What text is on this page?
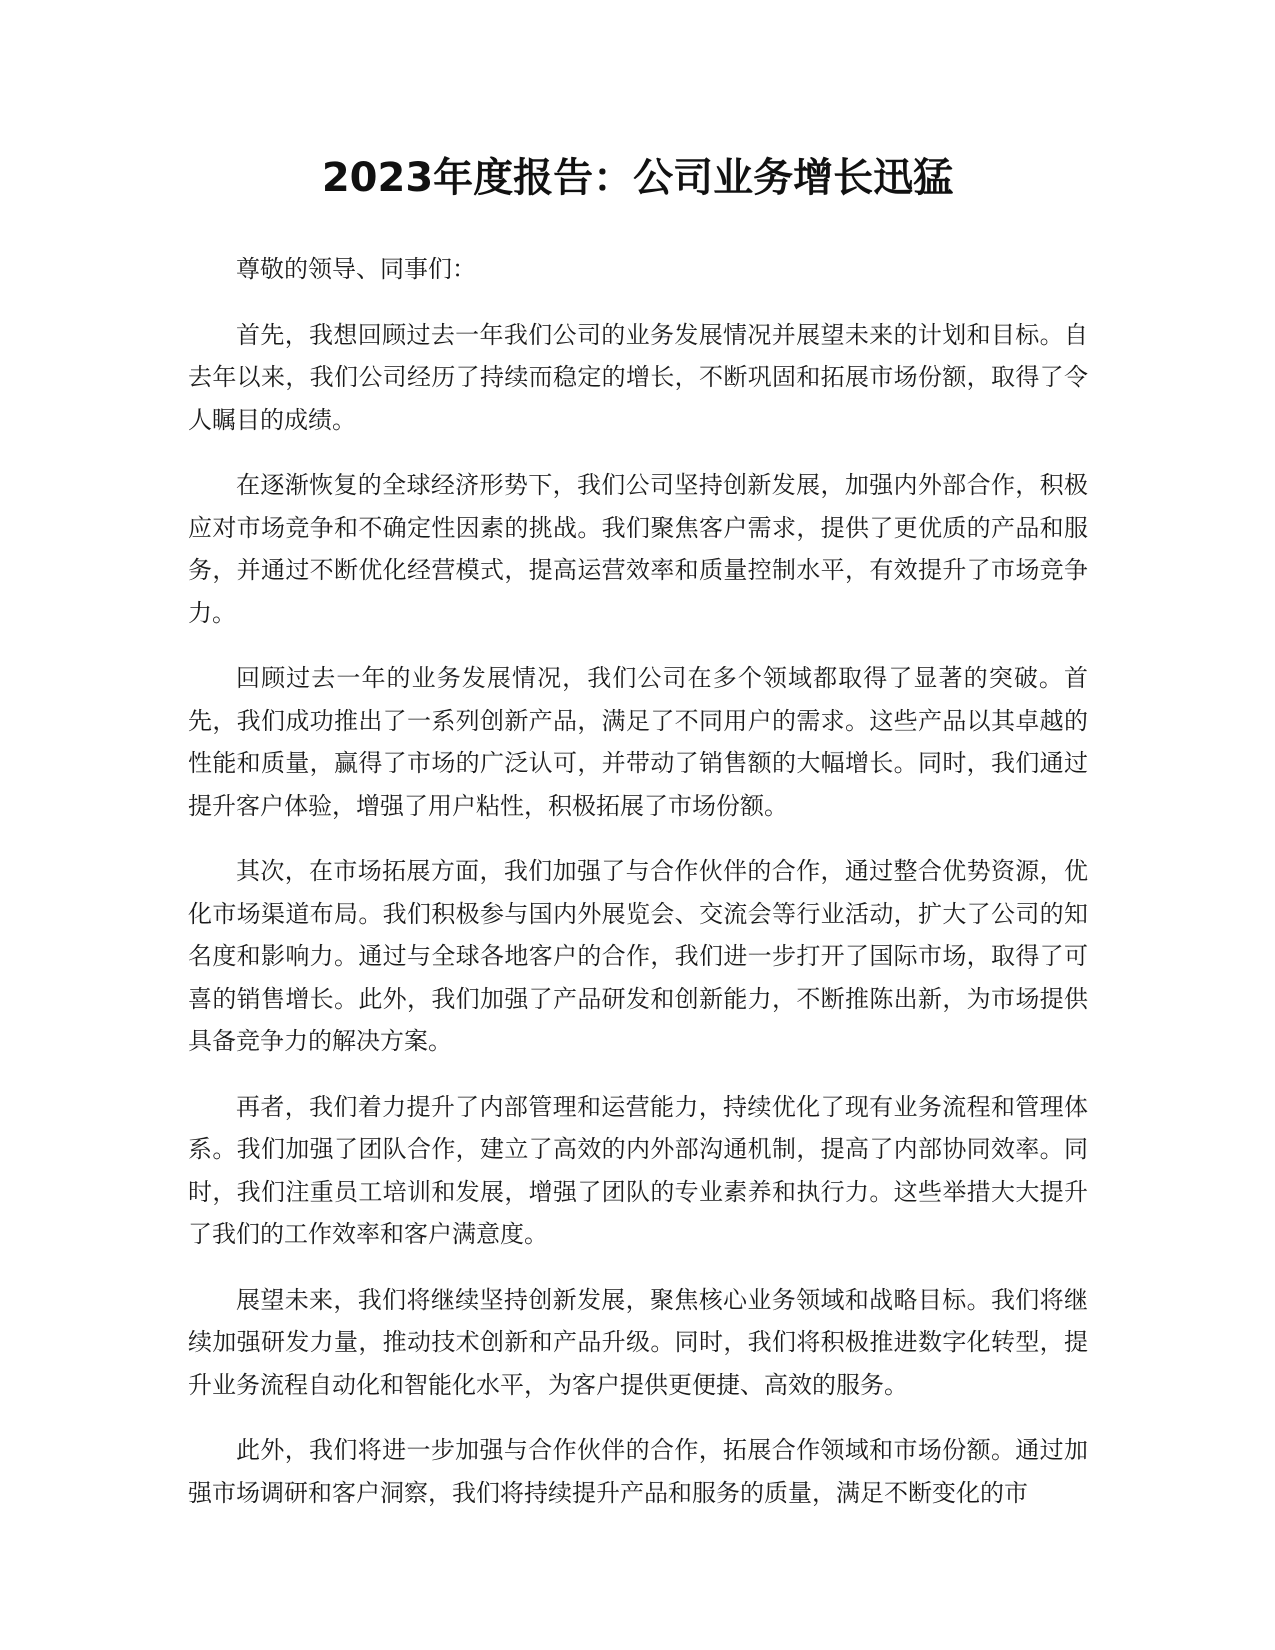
2023年度报告：公司业务增长迅猛

尊敬的领导、同事们：

首先，我想回顾过去一年我们公司的业务发展情况并展望未来的计划和目标。自去年以来，我们公司经历了持续而稳定的增长，不断巩固和拓展市场份额，取得了令人瞩目的成绩。

在逐渐恢复的全球经济形势下，我们公司坚持创新发展，加强内外部合作，积极应对市场竞争和不确定性因素的挑战。我们聚焦客户需求，提供了更优质的产品和服务，并通过不断优化经营模式，提高运营效率和质量控制水平，有效提升了市场竞争力。

回顾过去一年的业务发展情况，我们公司在多个领域都取得了显著的突破。首先，我们成功推出了一系列创新产品，满足了不同用户的需求。这些产品以其卓越的性能和质量，赢得了市场的广泛认可，并带动了销售额的大幅增长。同时，我们通过提升客户体验，增强了用户粘性，积极拓展了市场份额。

其次，在市场拓展方面，我们加强了与合作伙伴的合作，通过整合优势资源，优化市场渠道布局。我们积极参与国内外展览会、交流会等行业活动，扩大了公司的知名度和影响力。通过与全球各地客户的合作，我们进一步打开了国际市场，取得了可喜的销售增长。此外，我们加强了产品研发和创新能力，不断推陈出新，为市场提供具备竞争力的解决方案。

再者，我们着力提升了内部管理和运营能力，持续优化了现有业务流程和管理体系。我们加强了团队合作，建立了高效的内外部沟通机制，提高了内部协同效率。同时，我们注重员工培训和发展，增强了团队的专业素养和执行力。这些举措大大提升了我们的工作效率和客户满意度。

展望未来，我们将继续坚持创新发展，聚焦核心业务领域和战略目标。我们将继续加强研发力量，推动技术创新和产品升级。同时，我们将积极推进数字化转型，提升业务流程自动化和智能化水平，为客户提供更便捷、高效的服务。

此外，我们将进一步加强与合作伙伴的合作，拓展合作领域和市场份额。通过加强市场调研和客户洞察，我们将持续提升产品和服务的质量，满足不断变化的市
